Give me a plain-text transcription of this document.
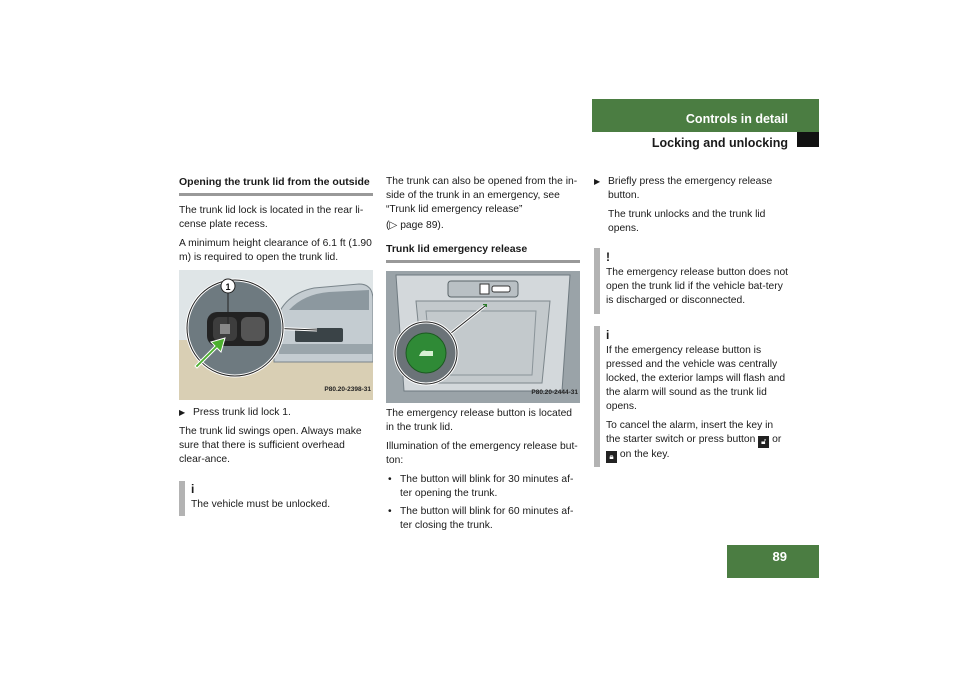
Controls in detail
Locking and unlocking
Opening the trunk lid from the outside

The trunk lid lock is located in the rear li-cense plate recess.

A minimum height clearance of 6.1 ft (1.90 m) is required to open the trunk lid.

1
P80.20-2398-31

▶ Press trunk lid lock 1.

The trunk lid swings open. Always make sure that there is sufficient overhead clear-ance.

i
The vehicle must be unlocked.

The trunk can also be opened from the in-side of the trunk in an emergency, see “Trunk lid emergency release”

(▷ page 89).

Trunk lid emergency release
P80.20-2444-31

The emergency release button is located in the trunk lid.

Illumination of the emergency release but-ton:

• The button will blink for 30 minutes af-ter opening the trunk.
• The button will blink for 60 minutes af-ter closing the trunk.

▶ Briefly press the emergency release button.

The trunk unlocks and the trunk lid opens.

!
The emergency release button does not open the trunk lid if the vehicle bat-tery is discharged or disconnected.
i

If the emergency release button is pressed and the vehicle was centrally locked, the exterior lamps will flash and the alarm will sound as the trunk lid opens.

To cancel the alarm, insert the key in the starter switch or press button 🔓︎ or 🔒︎ on the key.

89
